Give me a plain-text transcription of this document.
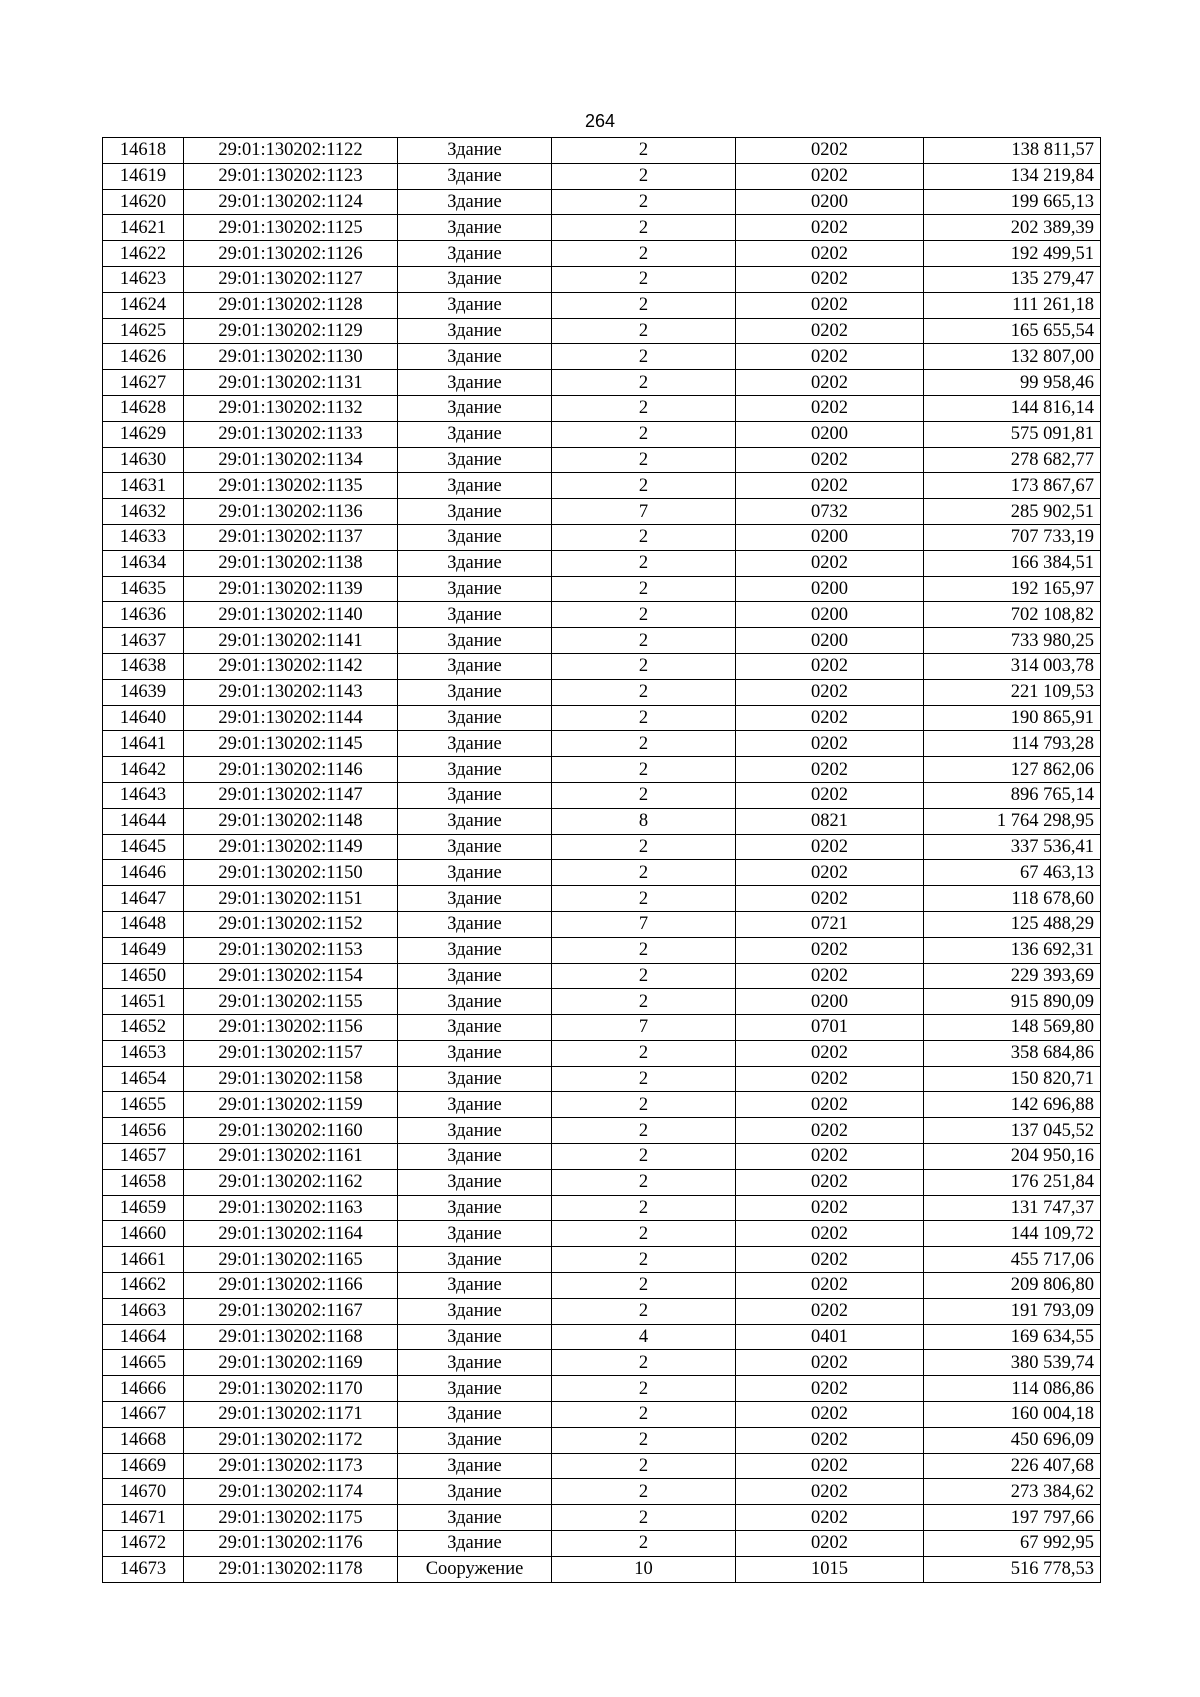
264
14618	29:01:130202:1122	Здание	2	0202	138 811,57
14619	29:01:130202:1123	Здание	2	0202	134 219,84
14620	29:01:130202:1124	Здание	2	0200	199 665,13
14621	29:01:130202:1125	Здание	2	0202	202 389,39
14622	29:01:130202:1126	Здание	2	0202	192 499,51
14623	29:01:130202:1127	Здание	2	0202	135 279,47
14624	29:01:130202:1128	Здание	2	0202	111 261,18
14625	29:01:130202:1129	Здание	2	0202	165 655,54
14626	29:01:130202:1130	Здание	2	0202	132 807,00
14627	29:01:130202:1131	Здание	2	0202	99 958,46
14628	29:01:130202:1132	Здание	2	0202	144 816,14
14629	29:01:130202:1133	Здание	2	0200	575 091,81
14630	29:01:130202:1134	Здание	2	0202	278 682,77
14631	29:01:130202:1135	Здание	2	0202	173 867,67
14632	29:01:130202:1136	Здание	7	0732	285 902,51
14633	29:01:130202:1137	Здание	2	0200	707 733,19
14634	29:01:130202:1138	Здание	2	0202	166 384,51
14635	29:01:130202:1139	Здание	2	0200	192 165,97
14636	29:01:130202:1140	Здание	2	0200	702 108,82
14637	29:01:130202:1141	Здание	2	0200	733 980,25
14638	29:01:130202:1142	Здание	2	0202	314 003,78
14639	29:01:130202:1143	Здание	2	0202	221 109,53
14640	29:01:130202:1144	Здание	2	0202	190 865,91
14641	29:01:130202:1145	Здание	2	0202	114 793,28
14642	29:01:130202:1146	Здание	2	0202	127 862,06
14643	29:01:130202:1147	Здание	2	0202	896 765,14
14644	29:01:130202:1148	Здание	8	0821	1 764 298,95
14645	29:01:130202:1149	Здание	2	0202	337 536,41
14646	29:01:130202:1150	Здание	2	0202	67 463,13
14647	29:01:130202:1151	Здание	2	0202	118 678,60
14648	29:01:130202:1152	Здание	7	0721	125 488,29
14649	29:01:130202:1153	Здание	2	0202	136 692,31
14650	29:01:130202:1154	Здание	2	0202	229 393,69
14651	29:01:130202:1155	Здание	2	0200	915 890,09
14652	29:01:130202:1156	Здание	7	0701	148 569,80
14653	29:01:130202:1157	Здание	2	0202	358 684,86
14654	29:01:130202:1158	Здание	2	0202	150 820,71
14655	29:01:130202:1159	Здание	2	0202	142 696,88
14656	29:01:130202:1160	Здание	2	0202	137 045,52
14657	29:01:130202:1161	Здание	2	0202	204 950,16
14658	29:01:130202:1162	Здание	2	0202	176 251,84
14659	29:01:130202:1163	Здание	2	0202	131 747,37
14660	29:01:130202:1164	Здание	2	0202	144 109,72
14661	29:01:130202:1165	Здание	2	0202	455 717,06
14662	29:01:130202:1166	Здание	2	0202	209 806,80
14663	29:01:130202:1167	Здание	2	0202	191 793,09
14664	29:01:130202:1168	Здание	4	0401	169 634,55
14665	29:01:130202:1169	Здание	2	0202	380 539,74
14666	29:01:130202:1170	Здание	2	0202	114 086,86
14667	29:01:130202:1171	Здание	2	0202	160 004,18
14668	29:01:130202:1172	Здание	2	0202	450 696,09
14669	29:01:130202:1173	Здание	2	0202	226 407,68
14670	29:01:130202:1174	Здание	2	0202	273 384,62
14671	29:01:130202:1175	Здание	2	0202	197 797,66
14672	29:01:130202:1176	Здание	2	0202	67 992,95
14673	29:01:130202:1178	Сооружение	10	1015	516 778,53
